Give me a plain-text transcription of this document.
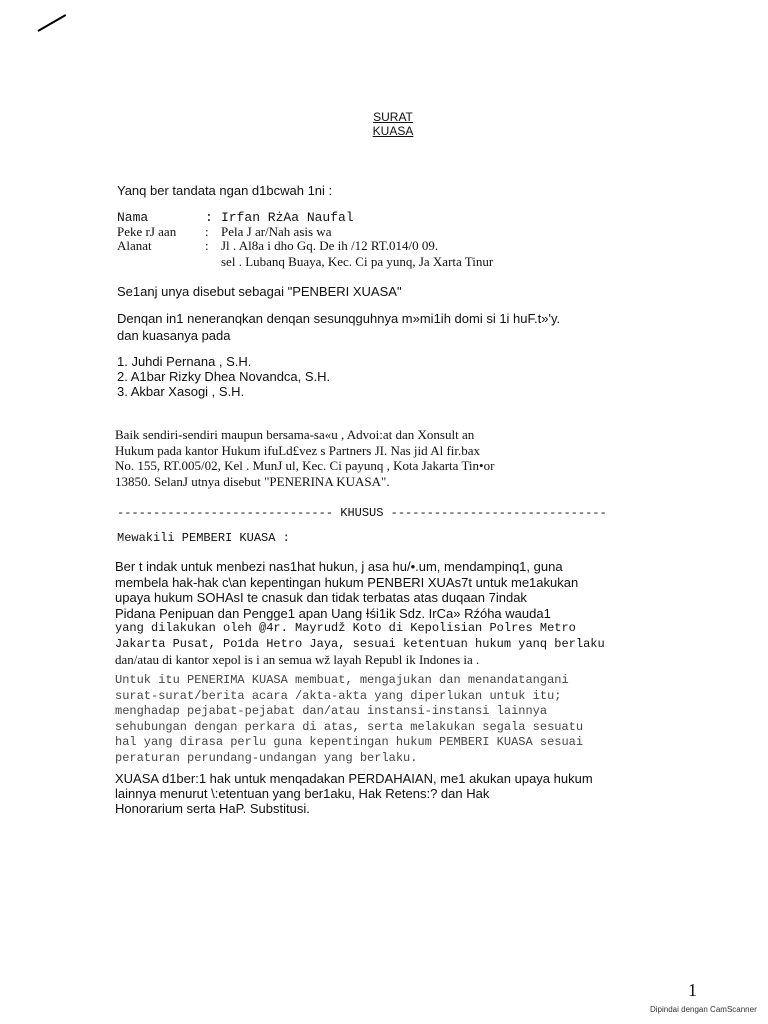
SURAT
KUASA
Yanq ber tandata ngan d1bcwah 1ni :
Nama	: Irfan RżAa Naufal
Peke rJ aan	: Pela J ar/Nah asis wa
Alanat	: Jl . Al8a i dho Gq. De ih /12 RT.014/0 09.
sel . Lubanq Buaya, Kec. Ci pa yunq, Ja Xarta Tinur
Se1anj unya disebut sebagai "PENBERI XUASA"
Denqan in1 neneranqkan denqan sesunqguhnya m»mi1ih domi si 1i huF.t»'y.
dan kuasanya pada
1. Juhdi Pernana , S.H.
2. A1bar Rizky Dhea Novandca, S.H.
3. Akbar Xasogi , S.H.
Baik sendiri-sendiri maupun bersama-sa«u , Advoi:at dan Xonsult an
Hukum pada kantor Hukum ifuLd£vez s Partners JI. Nas jid Al fir.bax
No. 155, RT.005/02, Kel . MunJ ul, Kec. Ci payunq , Kota Jakarta Tin•or
13850. SelanJ utnya disebut "PENERINA KUASA".
------------------------------ KHUSUS ------------------------------
Mewakili PEMBERI KUASA :
Ber t indak untuk menbezi nas1hat hukun, j asa hu/•.um, mendampinq1, guna
membela hak-hak c\an kepentingan hukum PENBERI XUAs7t untuk me1akukan
upaya hukum SOHAsI te cnasuk dan tidak terbatas atas duqaan 7indak
Pidana Penipuan dan Pengge1 apan Uang Ɨśi1ik Sdz. IrCa» Rźóha wauda1
yang dilakukan oleh @4r. Mayrudž Koto di Kepolisian Polres Metro
Jakarta Pusat, Po1da Hetro Jaya, sesuai ketentuan hukum yanq berlaku
dan/atau di kantor xepol is i an semua wž layah Republ ik Indones ia .
Untuk itu PENERIMA KUASA membuat, mengajukan dan menandatangani
surat-surat/berita acara /akta-akta yang diperlukan untuk itu;
menghadap pejabat-pejabat dan/atau instansi-instansi lainnya
sehubungan dengan perkara di atas, serta melakukan segala sesuatu
hal yang dirasa perlu guna kepentingan hukum PEMBERI KUASA sesuai
peraturan perundang-undangan yang berlaku.
XUASA d1ber:1 hak untuk menqadakan PERDAHAIAN, me1 akukan upaya hukum
lainnya menurut \:etentuan yang ber1aku, Hak Retens:? dan Hak
Honorarium serta HaP. Substitusi.
1
Dipindai dengan CamScanner
